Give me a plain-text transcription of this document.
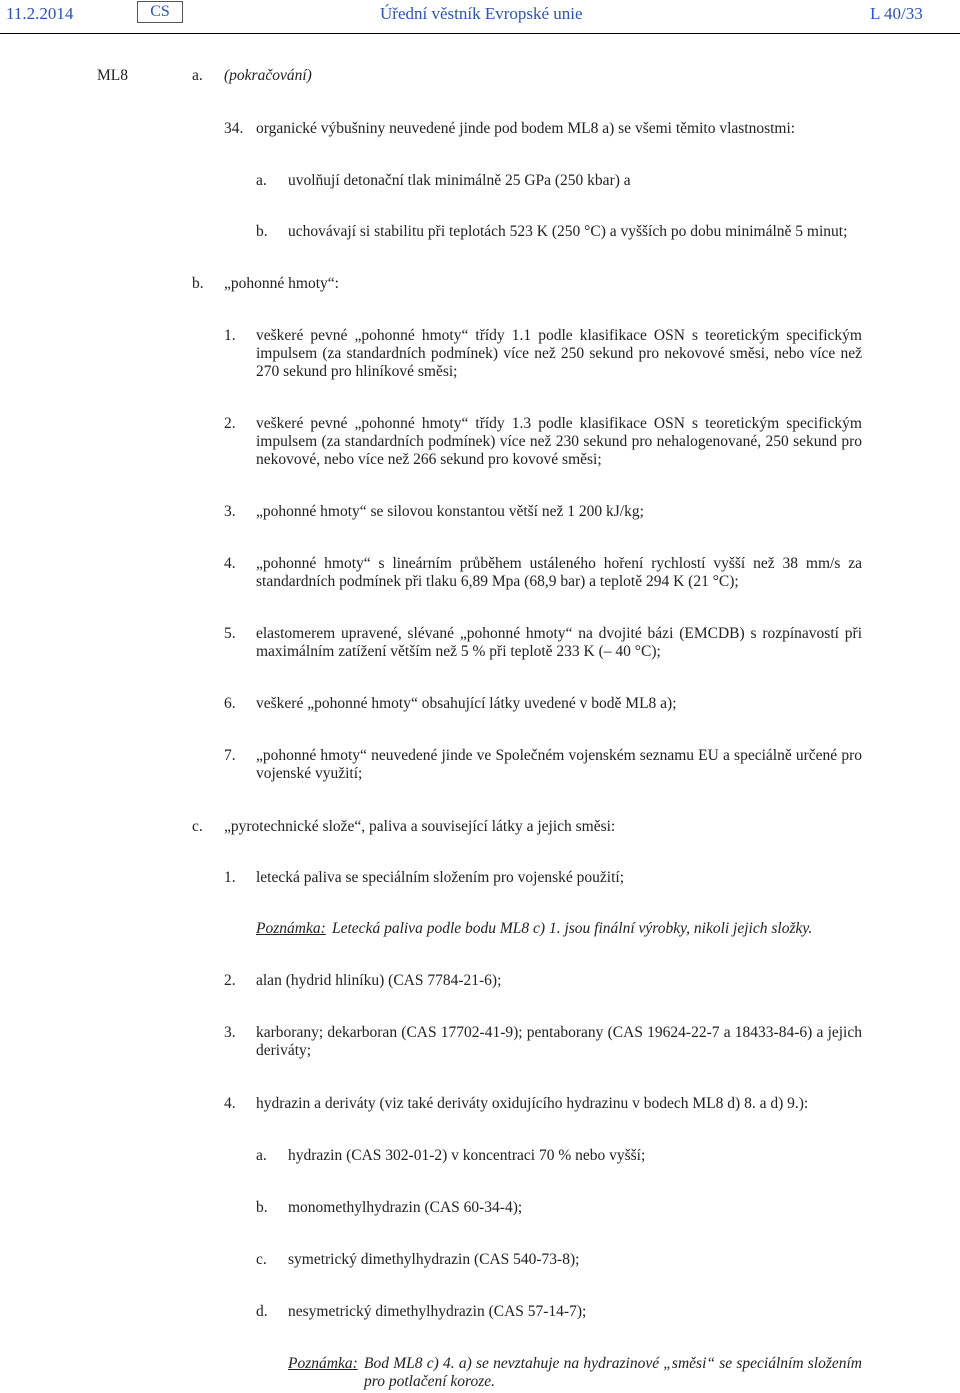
11.2.2014	CS	Úřední věstník Evropské unie	L 40/33
ML8	a. (pokračování)
34. organické výbušniny neuvedené jinde pod bodem ML8 a) se všemi těmito vlastnostmi:
a. uvolňují detonační tlak minimálně 25 GPa (250 kbar) a
b. uchovávají si stabilitu při teplotách 523 K (250 °C) a vyšších po dobu minimálně 5 minut;
b. „pohonné hmoty“:
1. veškeré pevné „pohonné hmoty“ třídy 1.1 podle klasifikace OSN s teoretickým specifickým impulsem (za standardních podmínek) více než 250 sekund pro nekovové směsi, nebo více než 270 sekund pro hliníkové směsi;
2. veškeré pevné „pohonné hmoty“ třídy 1.3 podle klasifikace OSN s teoretickým specifickým impulsem (za standardních podmínek) více než 230 sekund pro nehalogenované, 250 sekund pro nekovové, nebo více než 266 sekund pro kovové směsi;
3. „pohonné hmoty“ se silovou konstantou větší než 1 200 kJ/kg;
4. „pohonné hmoty“ s lineárním průběhem ustáleného hoření rychlostí vyšší než 38 mm/s za standardních podmínek při tlaku 6,89 Mpa (68,9 bar) a teplotě 294 K (21 °C);
5. elastomerem upravené, slévané „pohonné hmoty“ na dvojité bázi (EMCDB) s rozpínavostí při maximálním zatížení větším než 5 % při teplotě 233 K (– 40 °C);
6. veškeré „pohonné hmoty“ obsahující látky uvedené v bodě ML8 a);
7. „pohonné hmoty“ neuvedené jinde ve Společném vojenském seznamu EU a speciálně určené pro vojenské využití;
c. „pyrotechnické slože“, paliva a související látky a jejich směsi:
1. letecká paliva se speciálním složením pro vojenské použití;
Poznámka: Letecká paliva podle bodu ML8 c) 1. jsou finální výrobky, nikoli jejich složky.
2. alan (hydrid hliníku) (CAS 7784-21-6);
3. karborany; dekarboran (CAS 17702-41-9); pentaborany (CAS 19624-22-7 a 18433-84-6) a jejich deriváty;
4. hydrazin a deriváty (viz také deriváty oxidujícího hydrazinu v bodech ML8 d) 8. a d) 9.):
a. hydrazin (CAS 302-01-2) v koncentraci 70 % nebo vyšší;
b. monomethylhydrazin (CAS 60-34-4);
c. symetrický dimethylhydrazin (CAS 540-73-8);
d. nesymetrický dimethylhydrazin (CAS 57-14-7);
Poznámka: Bod ML8 c) 4. a) se nevztahuje na hydrazinové „směsi“ se speciálním složením pro potlačení koroze.
